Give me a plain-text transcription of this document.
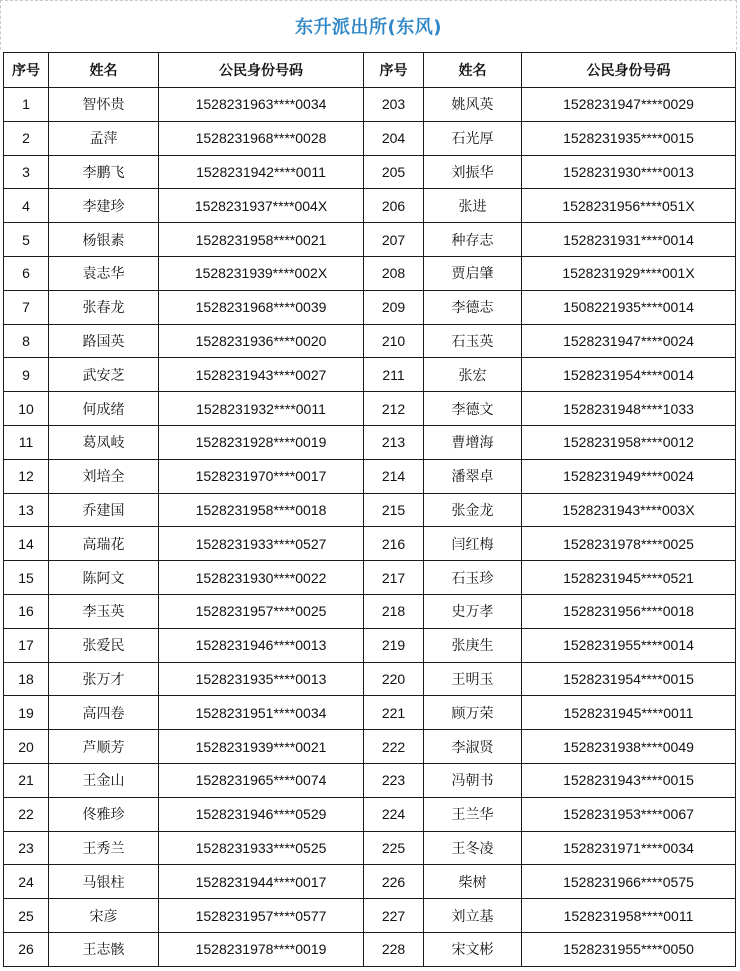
东升派出所(东风)
序号	姓名	公民身份号码	序号	姓名	公民身份号码
1	智怀贵	1528231963****0034	203	姚风英	1528231947****0029
2	孟萍	1528231968****0028	204	石光厚	1528231935****0015
3	李鹏飞	1528231942****0011	205	刘振华	1528231930****0013
4	李建珍	1528231937****004X	206	张进	1528231956****051X
5	杨银素	1528231958****0021	207	种存志	1528231931****0014
6	袁志华	1528231939****002X	208	贾启肇	1528231929****001X
7	张春龙	1528231968****0039	209	李德志	1508221935****0014
8	路国英	1528231936****0020	210	石玉英	1528231947****0024
9	武安芝	1528231943****0027	211	张宏	1528231954****0014
10	何成绪	1528231932****0011	212	李德文	1528231948****1033
11	葛凤岐	1528231928****0019	213	曹增海	1528231958****0012
12	刘培全	1528231970****0017	214	潘翠卓	1528231949****0024
13	乔建国	1528231958****0018	215	张金龙	1528231943****003X
14	高瑞花	1528231933****0527	216	闫红梅	1528231978****0025
15	陈阿文	1528231930****0022	217	石玉珍	1528231945****0521
16	李玉英	1528231957****0025	218	史万孝	1528231956****0018
17	张爱民	1528231946****0013	219	张庚生	1528231955****0014
18	张万才	1528231935****0013	220	王明玉	1528231954****0015
19	高四卷	1528231951****0034	221	顾万荣	1528231945****0011
20	芦顺芳	1528231939****0021	222	李淑贤	1528231938****0049
21	王金山	1528231965****0074	223	冯朝书	1528231943****0015
22	佟雅珍	1528231946****0529	224	王兰华	1528231953****0067
23	王秀兰	1528231933****0525	225	王冬凌	1528231971****0034
24	马银柱	1528231944****0017	226	柴树	1528231966****0575
25	宋彦	1528231957****0577	227	刘立基	1528231958****0011
26	王志骸	1528231978****0019	228	宋文彬	1528231955****0050
